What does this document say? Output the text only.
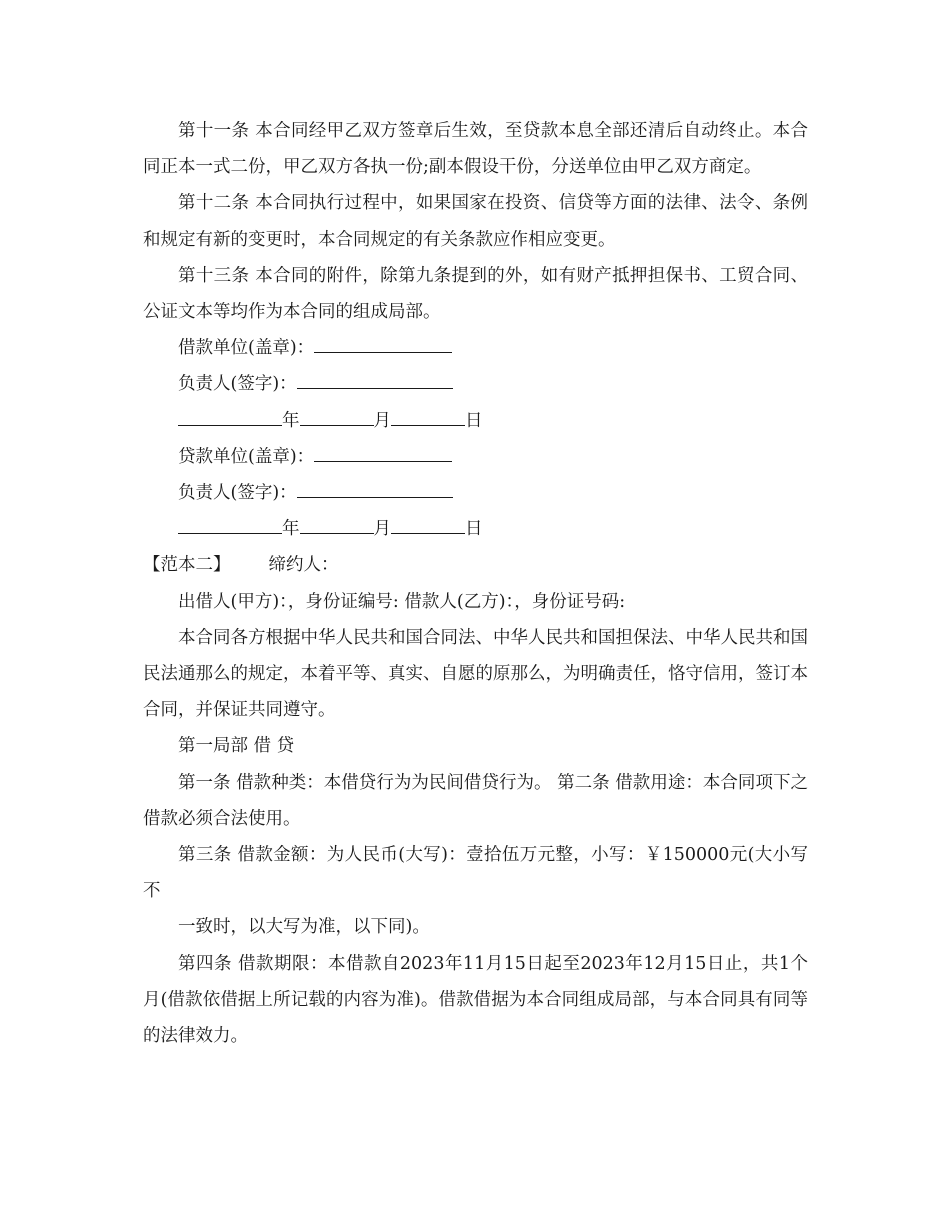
第十一条 本合同经甲乙双方签章后生效，至贷款本息全部还清后自动终止。本合同正本一式二份，甲乙双方各执一份;副本假设干份，分送单位由甲乙双方商定。

第十二条 本合同执行过程中，如果国家在投资、信贷等方面的法律、法令、条例和规定有新的变更时，本合同规定的有关条款应作相应变更。

第十三条 本合同的附件，除第九条提到的外，如有财产抵押担保书、工贸合同、公证文本等均作为本合同的组成局部。

借款单位(盖章)：

负责人(签字)：

年	月	日

贷款单位(盖章)：

负责人(签字)：

年	月	日

【范本二】 缔约人：

出借人(甲方)：，身份证编号: 借款人(乙方)：，身份证号码:

本合同各方根据中华人民共和国合同法、中华人民共和国担保法、中华人民共和国民法通那么的规定，本着平等、真实、自愿的原那么，为明确责任，恪守信用，签订本合同，并保证共同遵守。

第一局部 借 贷

第一条 借款种类：本借贷行为为民间借贷行为。 第二条 借款用途：本合同项下之借款必须合法使用。

第三条 借款金额：为人民币(大写)：壹拾伍万元整，小写：￥150000元(大小写不

一致时，以大写为准，以下同)。

第四条 借款期限：本借款自2023年11月15日起至2023年12月15日止，共1个月(借款依借据上所记载的内容为准)。借款借据为本合同组成局部，与本合同具有同等的法律效力。
